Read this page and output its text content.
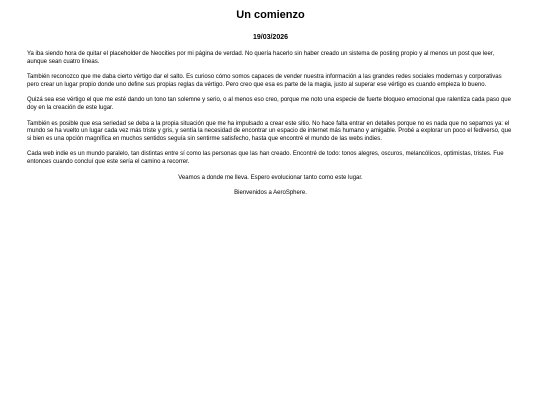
Un comienzo
19/03/2026

Ya iba siendo hora de quitar el placeholder de Neocities por mi página de verdad. No quería hacerlo sin haber creado un sistema de posting propio y al menos un post que leer, aunque sean cuatro líneas.

También reconozco que me daba cierto vértigo dar el salto. Es curioso cómo somos capaces de vender nuestra información a las grandes redes sociales modernas y corporativas pero crear un lugar propio donde uno define sus propias reglas da vértigo. Pero creo que esa es parte de la magia, justo al superar ese vértigo es cuando empieza lo bueno.

Quizá sea ese vértigo el que me esté dando un tono tan solemne y serio, o al menos eso creo, porque me noto una especie de fuerte bloqueo emocional que ralentiza cada paso que doy en la creación de este lugar.

También es posible que esa seriedad se deba a la propia situación que me ha impulsado a crear este sitio. No hace falta entrar en detalles porque no es nada que no sepamos ya: el mundo se ha vuelto un lugar cada vez más triste y gris, y sentía la necesidad de encontrar un espacio de internet más humano y amigable. Probé a explorar un poco el fediverso, que si bien es una opción magnífica en muchos sentidos seguía sin sentirme satisfecho, hasta que encontré el mundo de las webs indies.

Cada web indie es un mundo paralelo, tan distintas entre sí como las personas que las han creado. Encontré de todo: tonos alegres, oscuros, melancólicos, optimistas, tristes. Fue entonces cuando concluí que este sería el camino a recorrer.

Veamos a donde me lleva. Espero evolucionar tanto como este lugar.

Bienvenidos a AeroSphere.
